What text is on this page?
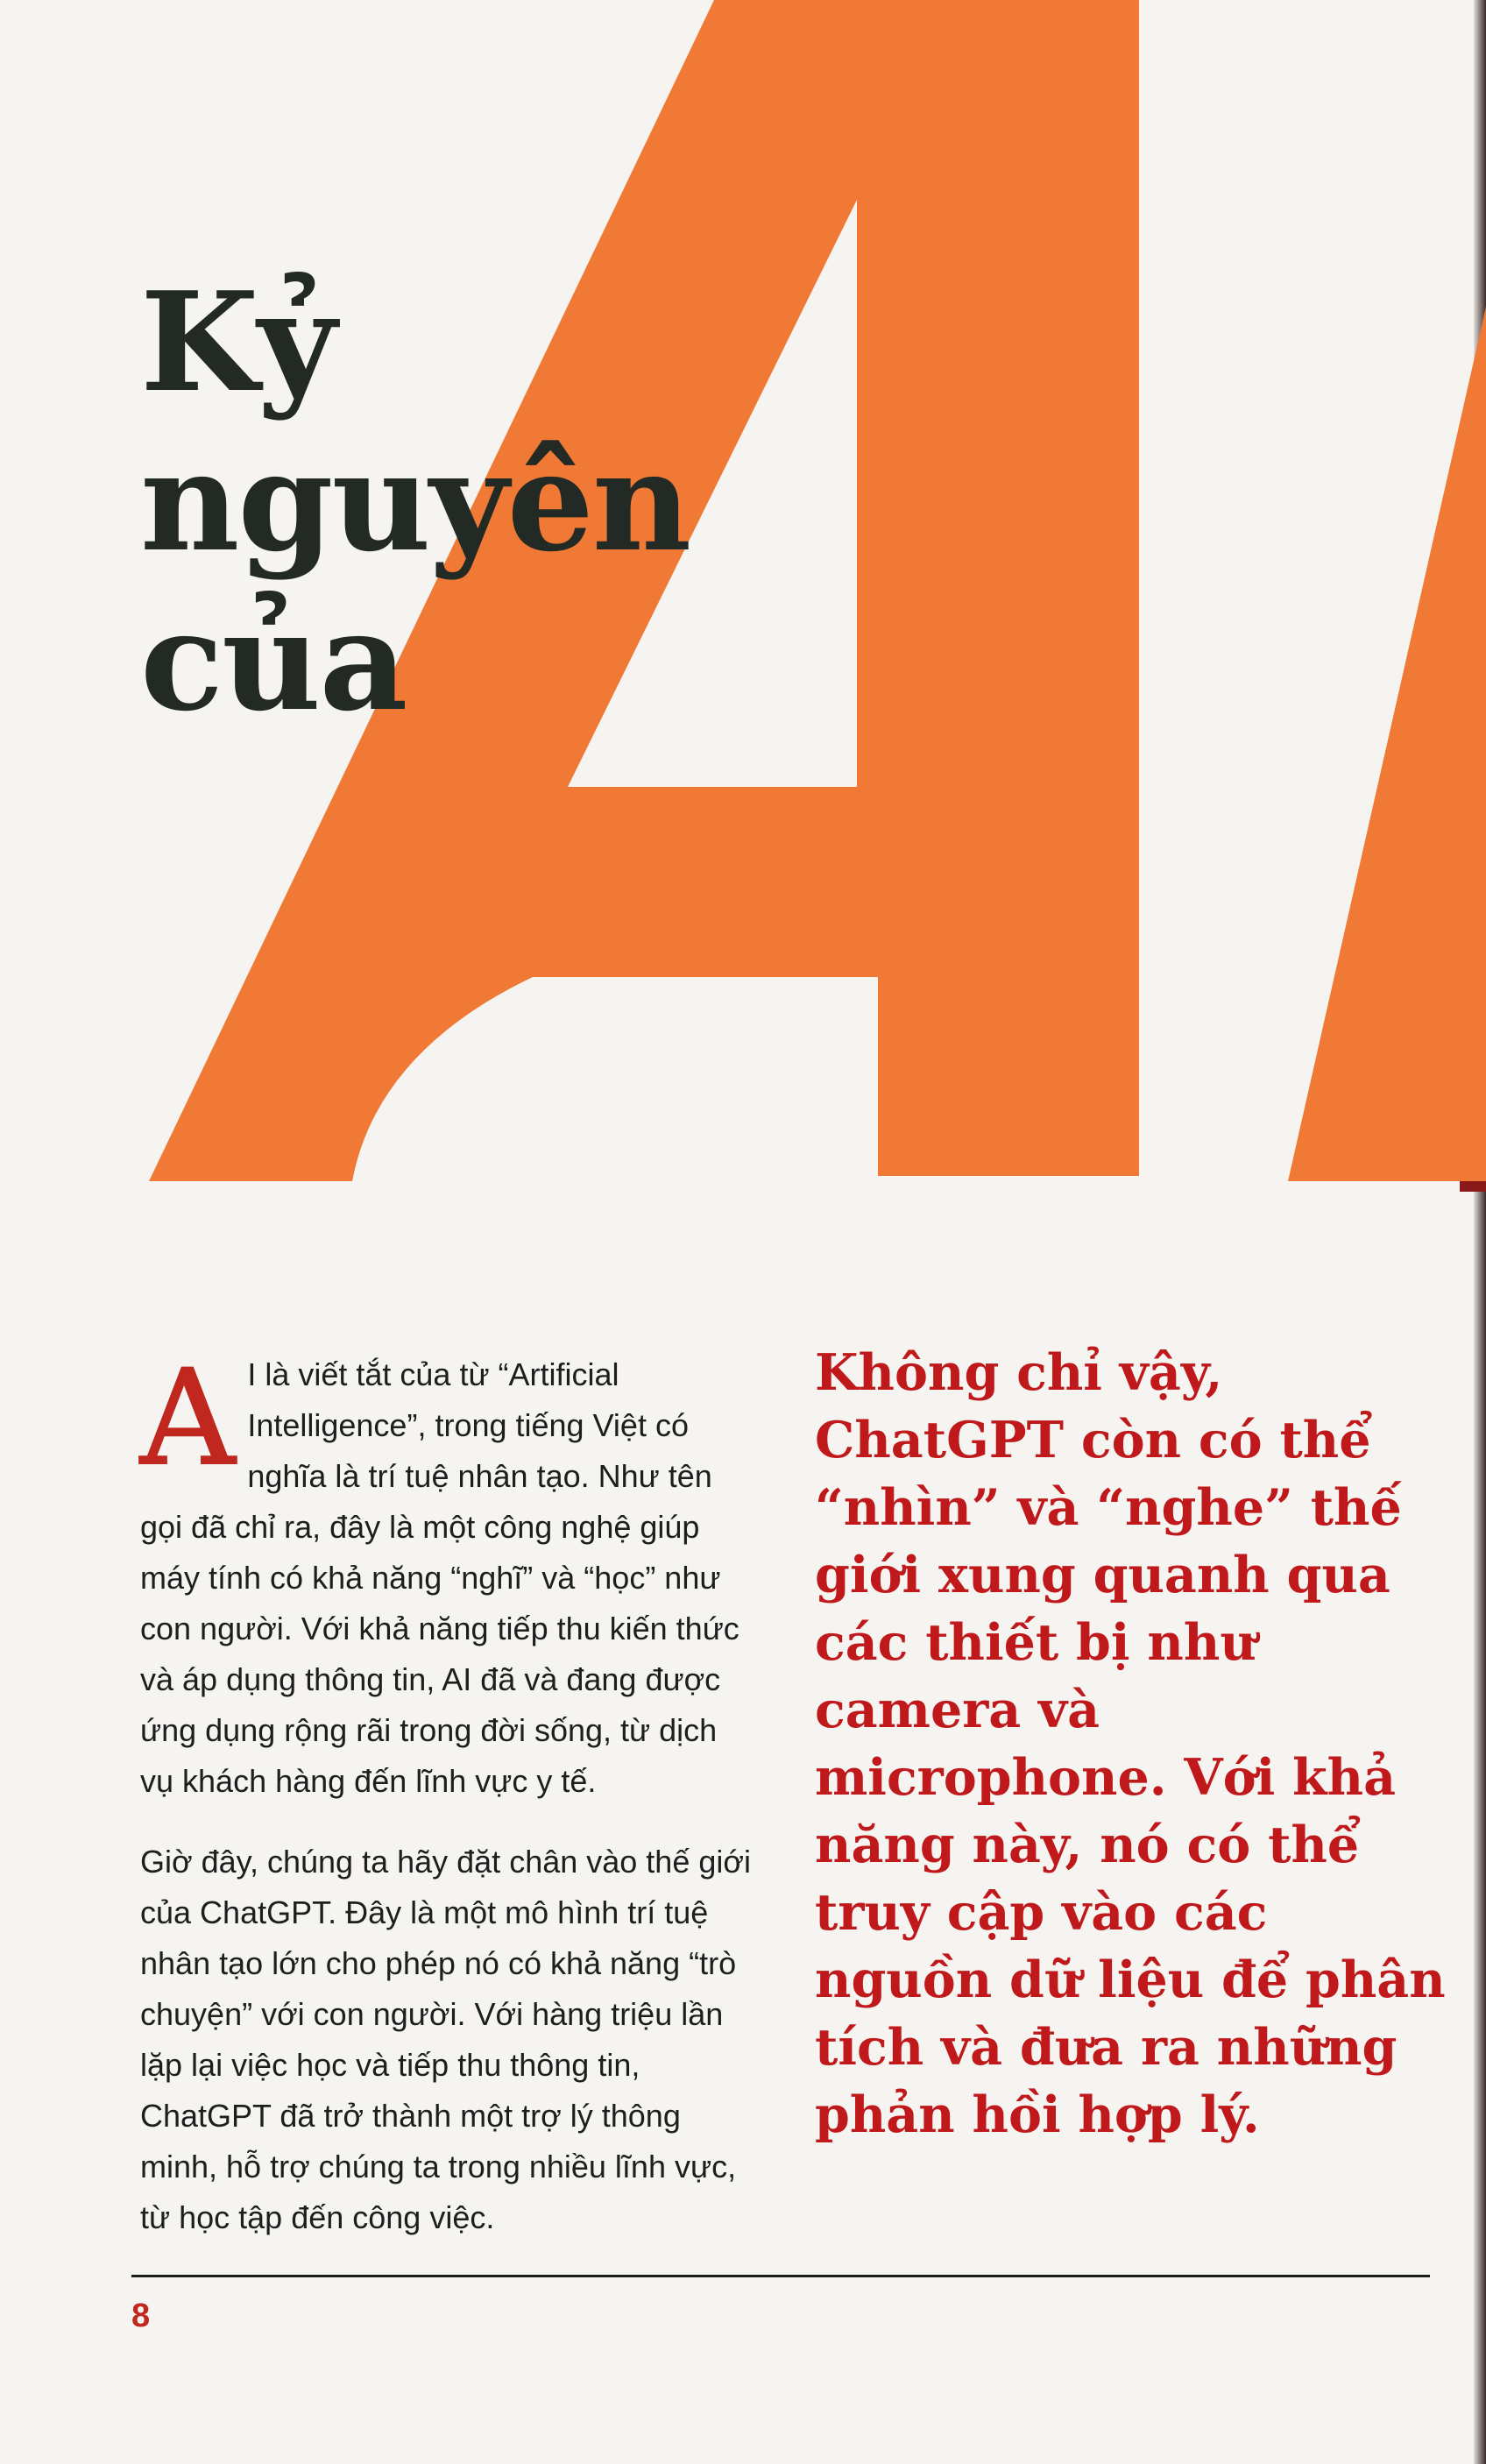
Kỷ
nguyên
của

A I là viết tắt của từ “Artificial Intelligence”, trong tiếng Việt có nghĩa là trí tuệ nhân tạo. Như tên gọi đã chỉ ra, đây là một công nghệ giúp máy tính có khả năng “nghĩ” và “học” như con người. Với khả năng tiếp thu kiến thức và áp dụng thông tin, AI đã và đang được ứng dụng rộng rãi trong đời sống, từ dịch vụ khách hàng đến lĩnh vực y tế.

Giờ đây, chúng ta hãy đặt chân vào thế giới của ChatGPT. Đây là một mô hình trí tuệ nhân tạo lớn cho phép nó có khả năng “trò chuyện” với con người. Với hàng triệu lần lặp lại việc học và tiếp thu thông tin, ChatGPT đã trở thành một trợ lý thông minh, hỗ trợ chúng ta trong nhiều lĩnh vực, từ học tập đến công việc.

Không chỉ vậy, ChatGPT còn có thể “nhìn” và “nghe” thế giới xung quanh qua các thiết bị như camera và microphone. Với khả năng này, nó có thể truy cập vào các nguồn dữ liệu để phân tích và đưa ra những phản hồi hợp lý.

8
